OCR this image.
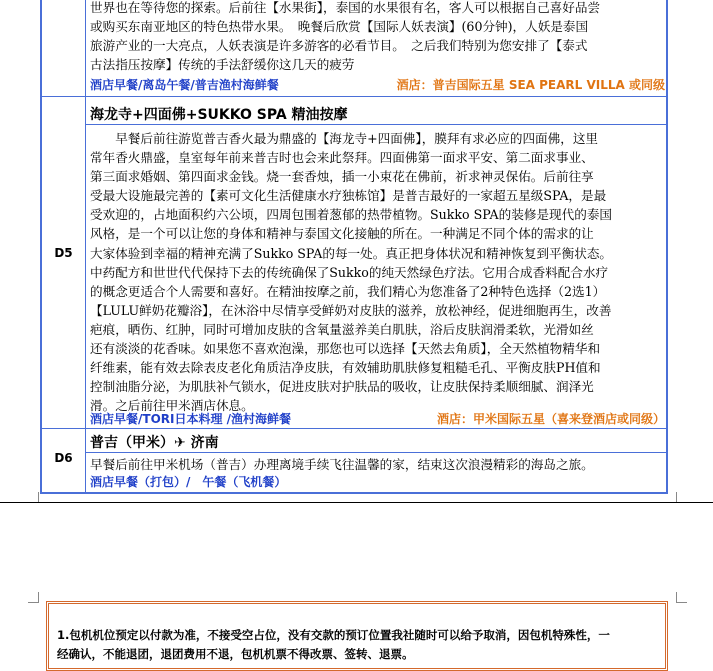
世界也在等待您的探索。后前往【水果街】，泰国的水果很有名，客人可以根据自己喜好品尝
或购买东南亚地区的特色热带水果。　晚餐后欣赏【国际人妖表演】(60分钟)，人妖是泰国
旅游产业的一大亮点，人妖表演是许多游客的必看节目。　之后我们特别为您安排了【泰式
古法指压按摩】传统的手法舒缓你这几天的疲劳
酒店早餐/离岛午餐/普吉渔村海鲜餐	酒店：普吉国际五星 SEA PEARL VILLA 或同级
D5
海龙寺+四面佛+SUKKO SPA 精油按摩
早餐后前往游览普吉香火最为鼎盛的【海龙寺+四面佛】，膜拜有求必应的四面佛，这里
常年香火鼎盛，皇室每年前来普吉时也会来此祭拜。四面佛第一面求平安、第二面求事业、
第三面求婚姻、第四面求金钱。烧一套香烛，插一小束花在佛前，祈求神灵保佑。后前往享
受最大设施最完善的【素可文化生活健康水疗独栋馆】是普吉最好的一家超五星级SPA，是最
受欢迎的，占地面积约六公顷，四周包围着葱郁的热带植物。Sukko SPA的装修是现代的泰国
风格，是一个可以让您的身体和精神与泰国文化接触的所在。一种满足不同个体的需求的让
大家体验到幸福的精神充满了Sukko SPA的每一处。真正把身体状况和精神恢复到平衡状态。
中药配方和世世代代保持下去的传统确保了Sukko的纯天然绿色疗法。它用合成香料配合水疗
的概念更适合个人需要和喜好。在精油按摩之前，我们精心为您准备了2种特色选择（2选1）
【LULU鲜奶花瓣浴】，在沐浴中尽情享受鲜奶对皮肤的滋养，放松神经，促进细胞再生，改善
疤痕，晒伤、红肿，同时可增加皮肤的含氧量滋养美白肌肤，浴后皮肤润滑柔软，光滑如丝
还有淡淡的花香味。如果您不喜欢泡澡，那您也可以选择【天然去角质】，全天然植物精华和
纤维素，能有效去除表皮老化角质洁净皮肤，有效辅助肌肤修复粗糙毛孔、平衡皮肤PH值和
控制油脂分泌，为肌肤补气锁水，促进皮肤对护肤品的吸收，让皮肤保持柔顺细腻、润泽光
滑。之后前往甲米酒店休息。
酒店早餐/TORI日本料理 /渔村海鲜餐	酒店：甲米国际五星（喜来登酒店或同级）
D6
普吉（甲米）✈ 济南
早餐后前往甲米机场（普吉）办理离境手续飞往温馨的家，结束这次浪漫精彩的海岛之旅。
酒店早餐（打包）/　午餐（飞机餐）
1.包机机位预定以付款为准，不接受空占位，没有交款的预订位置我社随时可以给予取消，因包机特殊性，一
经确认，不能退团，退团费用不退，包机机票不得改票、签转、退票。
